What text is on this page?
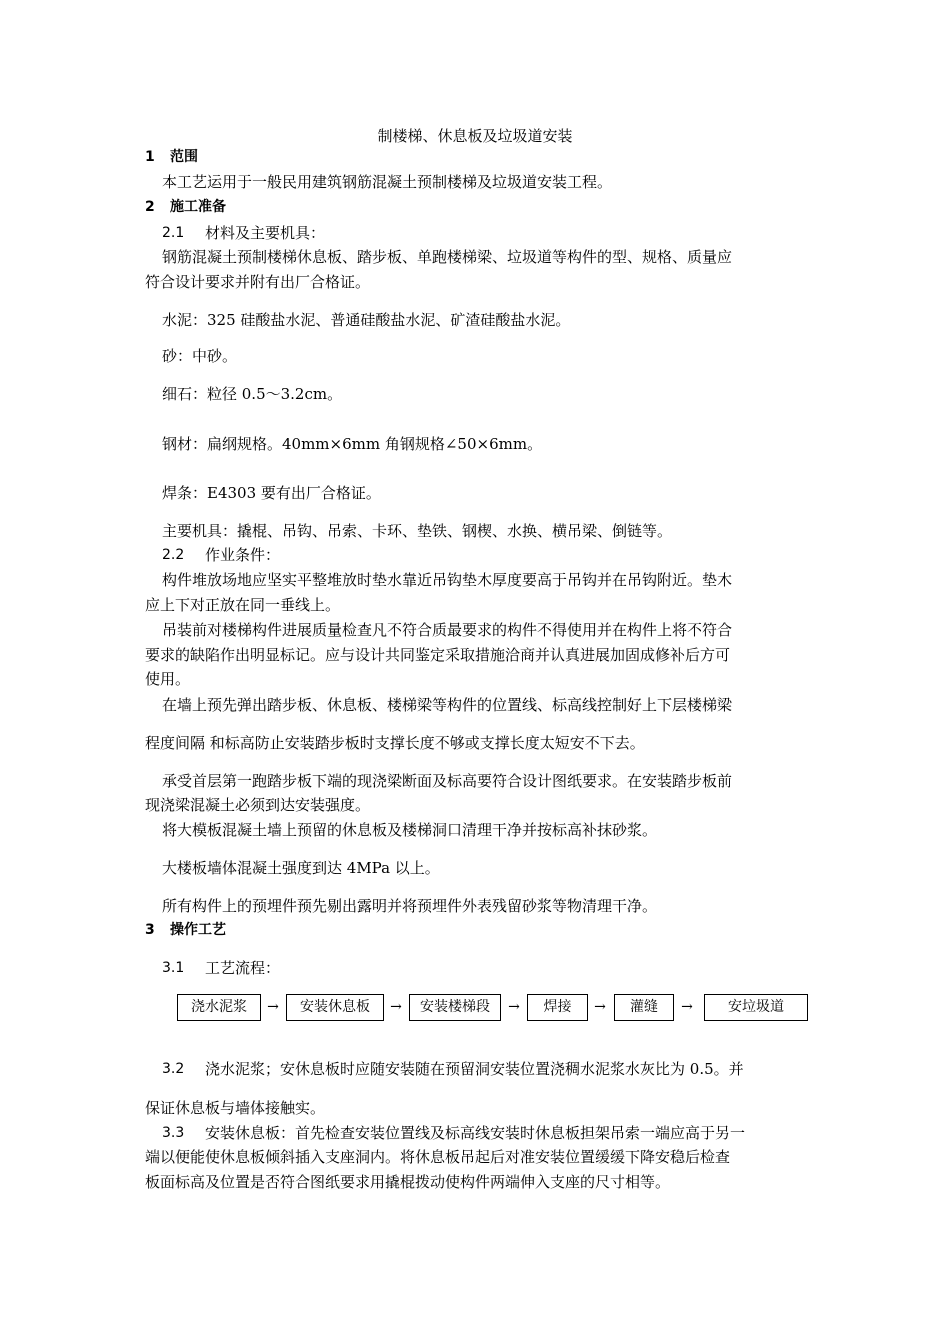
制楼梯、休息板及垃圾道安装
1 范围
本工艺运用于一般民用建筑钢筋混凝土预制楼梯及垃圾道安装工程。
2 施工准备
2.1 材料及主要机具：
钢筋混凝土预制楼梯休息板、踏步板、单跑楼梯梁、垃圾道等构件的型、规格、质量应
符合设计要求并附有出厂合格证。
水泥：325 硅酸盐水泥、普通硅酸盐水泥、矿渣硅酸盐水泥。
砂：中砂。
细石：粒径 0.5～3.2cm。
钢材：扁纲规格。40mm×6mm 角钢规格∠50×6mm。
焊条：E4303 要有出厂合格证。
主要机具：撬棍、吊钩、吊索、卡环、垫铁、钢楔、水换、横吊梁、倒链等。
2.2 作业条件：
构件堆放场地应坚实平整堆放时垫水靠近吊钩垫木厚度要高于吊钩并在吊钩附近。垫木
应上下对正放在同一垂线上。
吊装前对楼梯构件进展质量检查凡不符合质最要求的构件不得使用并在构件上将不符合
要求的缺陷作出明显标记。应与设计共同鉴定采取措施洽商并认真进展加固成修补后方可
使用。
在墙上预先弹出踏步板、休息板、楼梯梁等构件的位置线、标高线控制好上下层楼梯梁
程度间隔 和标高防止安装踏步板时支撑长度不够或支撑长度太短安不下去。
承受首层第一跑踏步板下端的现浇梁断面及标高要符合设计图纸要求。在安装踏步板前
现浇梁混凝土必须到达安装强度。
将大模板混凝土墙上预留的休息板及楼梯洞口清理干净并按标高补抹砂浆。
大楼板墙体混凝土强度到达 4MPa 以上。
所有构件上的预埋件预先剔出露明并将预埋件外表残留砂浆等物清理干净。
3 操作工艺
3.1 工艺流程：
浇水泥浆	→	安装休息板	→	安装楼梯段	→	焊接	→	灌缝	→	安垃圾道
3.2 浇水泥浆；安休息板时应随安装随在预留洞安装位置浇稠水泥浆水灰比为 0.5。并
保证休息板与墙体接触实。
3.3 安装休息板：首先检查安装位置线及标高线安装时休息板担架吊索一端应高于另一
端以便能使休息板倾斜插入支座洞内。将休息板吊起后对准安装位置缓缓下降安稳后检查
板面标高及位置是否符合图纸要求用撬棍拨动使构件两端伸入支座的尺寸相等。
